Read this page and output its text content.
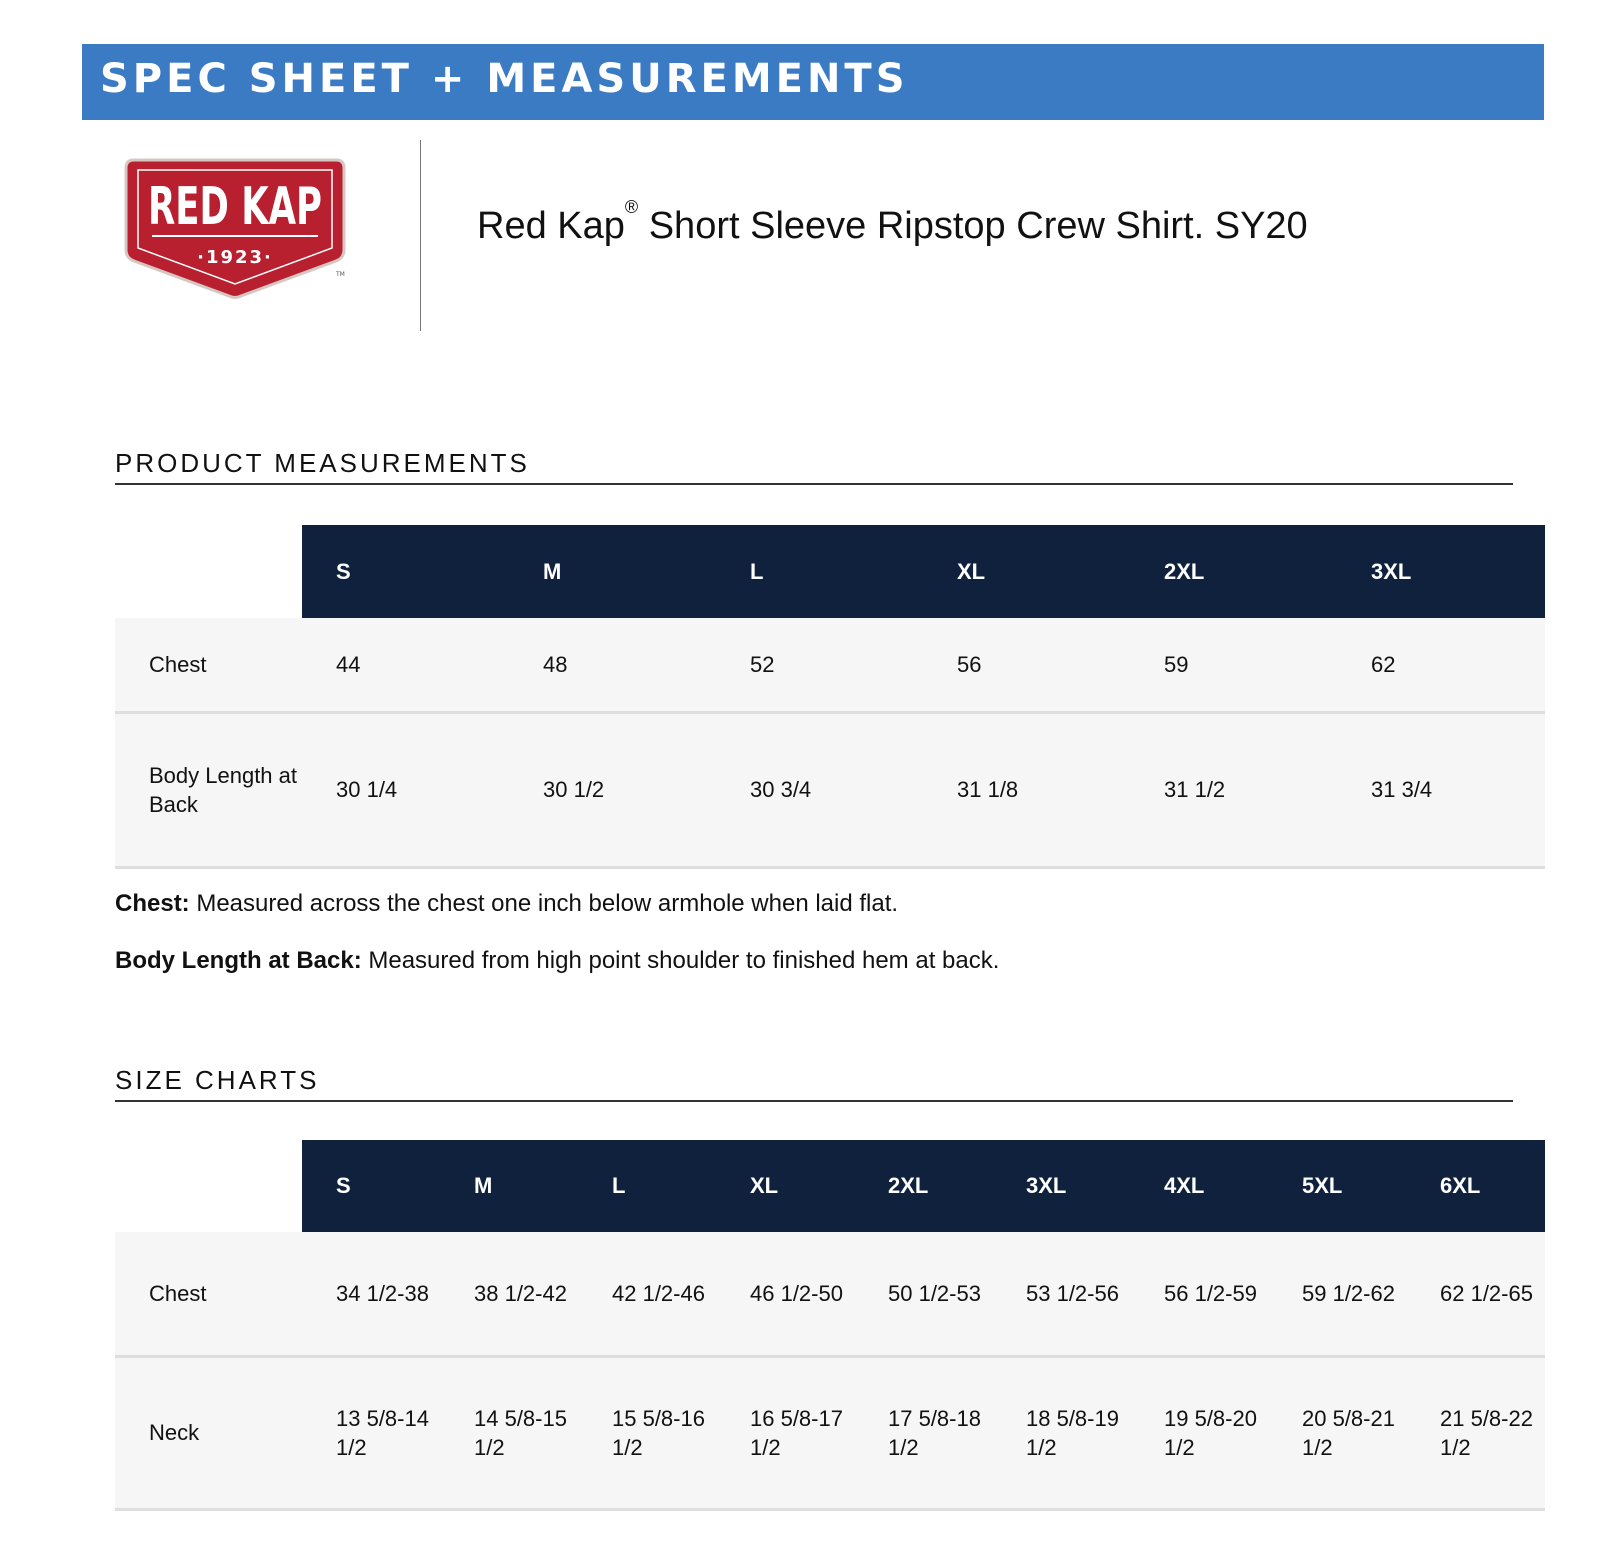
SPEC SHEET + MEASUREMENTS
RED KAP
·1923·
TM
Red Kap® Short Sleeve Ripstop Crew Shirt. SY20
PRODUCT MEASUREMENTS
	S	M	L	XL	2XL	3XL
Chest	44	48	52	56	59	62
Body Length at Back	30 1/4	30 1/2	30 3/4	31 1/8	31 1/2	31 3/4

Chest: Measured across the chest one inch below armhole when laid flat.

Body Length at Back: Measured from high point shoulder to finished hem at back.

SIZE CHARTS
	S	M	L	XL	2XL	3XL	4XL	5XL	6XL
Chest	34 1/2-38	38 1/2-42	42 1/2-46	46 1/2-50	50 1/2-53	53 1/2-56	56 1/2-59	59 1/2-62	62 1/2-65
Neck	13 5/8-14 1/2	14 5/8-15 1/2	15 5/8-16 1/2	16 5/8-17 1/2	17 5/8-18 1/2	18 5/8-19 1/2	19 5/8-20 1/2	20 5/8-21 1/2	21 5/8-22 1/2
